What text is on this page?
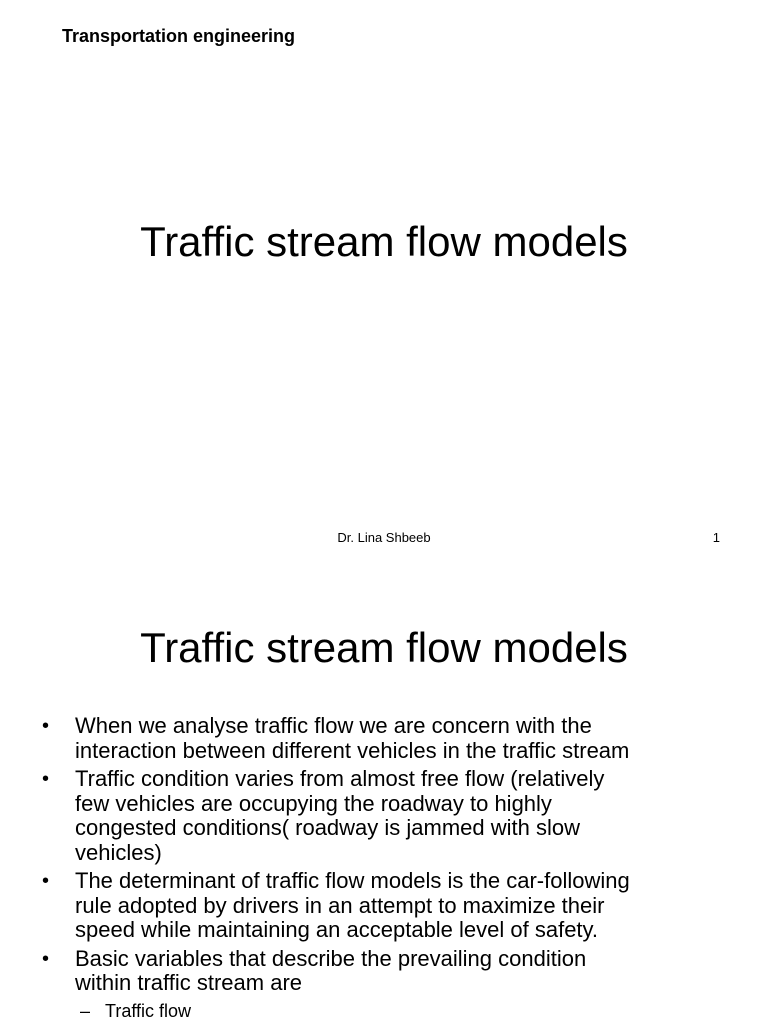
Transportation engineering
Traffic stream flow models
Dr. Lina Shbeeb	1
Traffic stream flow models
• When we analyse traffic flow we are concern with the
interaction between different vehicles in the traffic stream
• Traffic condition varies from almost free flow (relatively
few vehicles are occupying the roadway to highly
congested conditions( roadway is jammed with slow
vehicles)
• The determinant of traffic flow models is the car-following
rule adopted by drivers in an attempt to maximize their
speed while maintaining an acceptable level of safety.
• Basic variables that describe the prevailing condition
within traffic stream are
– Traffic flow
